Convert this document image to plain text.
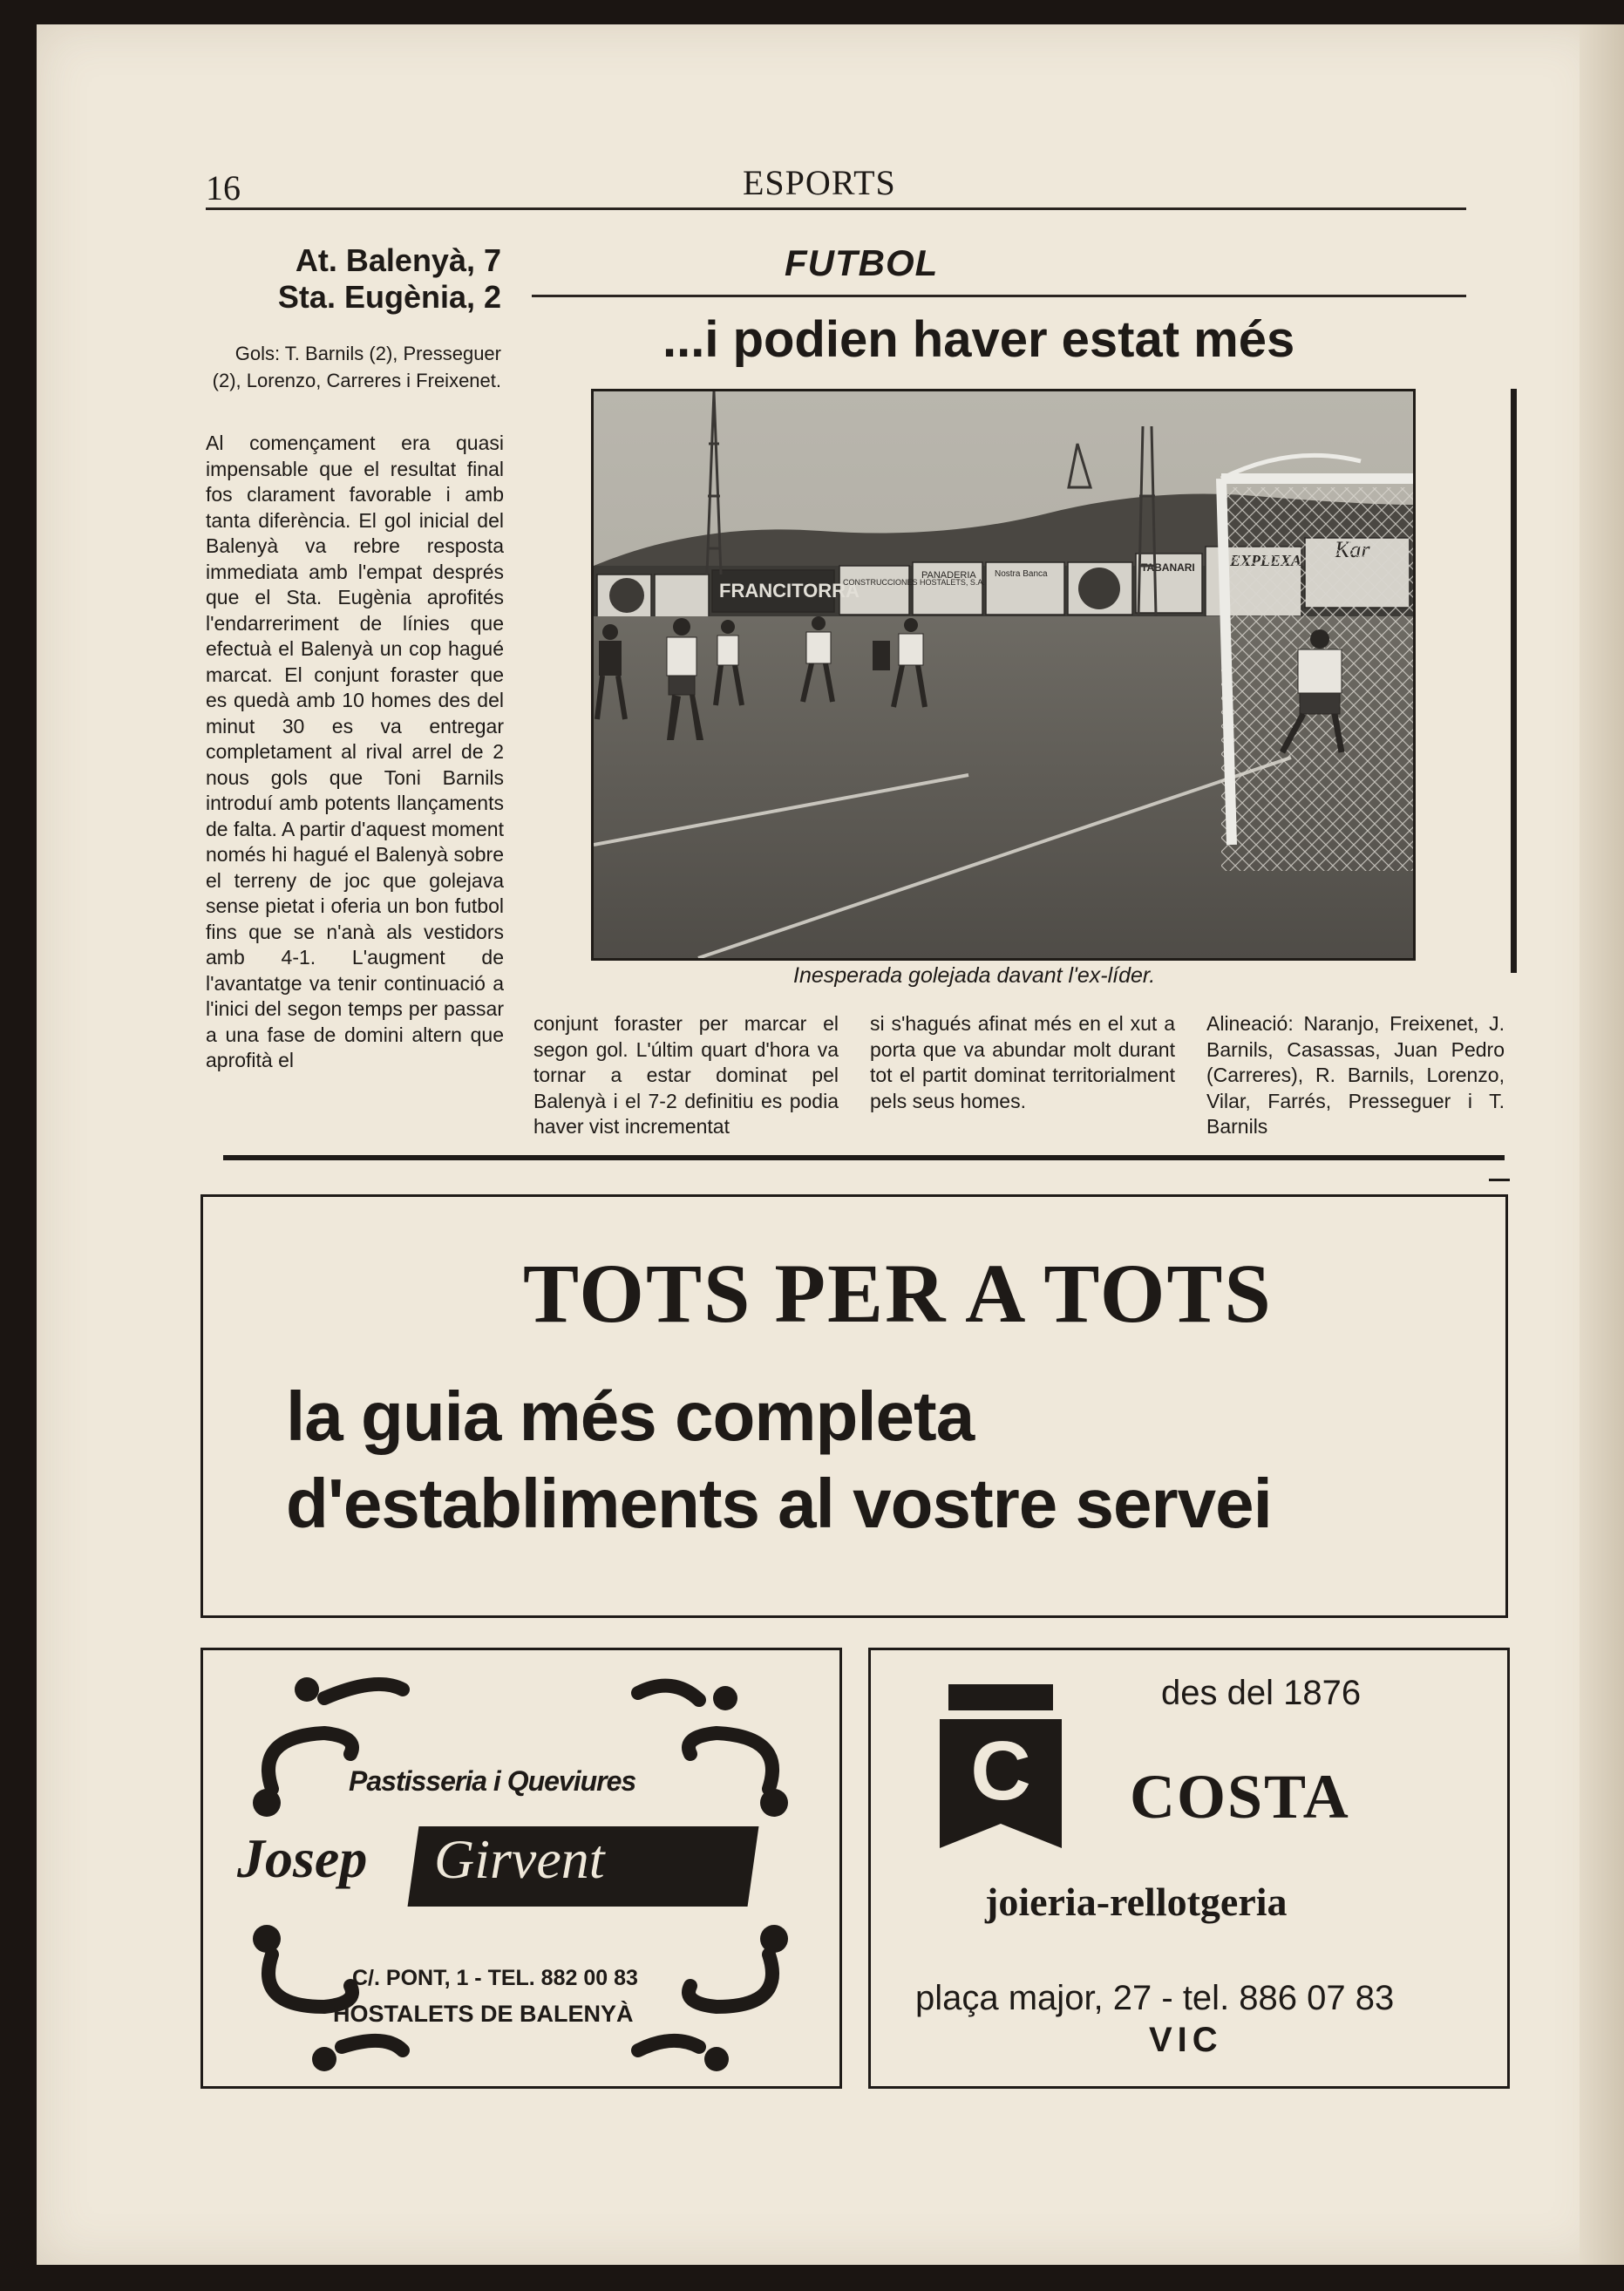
16	ESPORTS
FUTBOL
...i podien haver estat més
At. Balenyà, 7
Sta. Eugènia, 2
Gols: T. Barnils (2), Presseguer (2), Lorenzo, Carreres i Freixenet.
Al començament era quasi impensable que el resultat final fos clarament favorable i amb tanta diferència. El gol inicial del Balenyà va rebre resposta immediata amb l'empat després que el Sta. Eugènia aprofités l'endarreriment de línies que efectuà el Balenyà un cop hagué marcat. El conjunt foraster que es quedà amb 10 homes des del minut 30 es va entregar completament al rival arrel de 2 nous gols que Toni Barnils introduí amb potents llançaments de falta. A partir d'aquest moment només hi hagué el Balenyà sobre el terreny de joc que golejava sense pietat i oferia un bon futbol fins que se n'anà als vestidors amb 4-1. L'augment de l'avantatge va tenir continuació a l'inici del segon temps per passar a una fase de domini altern que aprofità el
FRANCITORRA
CONSTRUCCIONES HOSTALETS, S.A.
PANADERIA Nostra Banca
TABANARI
Inesperada golejada davant l'ex-líder.
conjunt foraster per marcar el segon gol. L'últim quart d'hora va tornar a estar dominat pel Balenyà i el 7-2 definitiu es podia haver vist incrementat
si s'hagués afinat més en el xut a porta que va abundar molt durant tot el partit dominat territorialment pels seus homes.
Alineació: Naranjo, Freixenet, J. Barnils, Casassas, Juan Pedro (Carreres), R. Barnils, Lorenzo, Vilar, Farrés, Presseguer i T. Barnils
TOTS PER A TOTS
la guia més completa
d'establiments al vostre servei
Pastisseria i Queviures
Josep Girvent
C/. PONT, 1 - TEL. 882 00 83
HOSTALETS DE BALENYÀ
des del 1876
C COSTA
joieria-rellotgeria
plaça major, 27 - tel. 886 07 83
VIC
